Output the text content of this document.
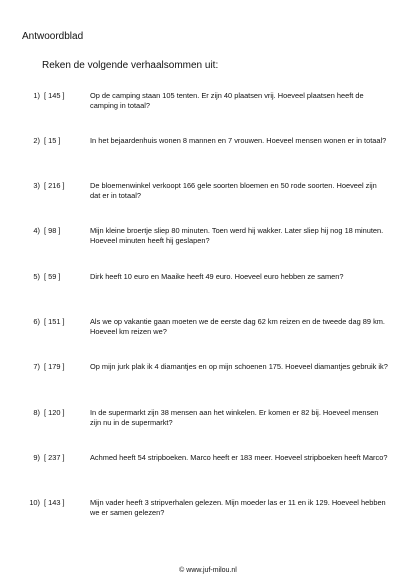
Antwoordblad
Reken de volgende verhaalsommen uit:
1) [ 145 ]	Op de camping staan 105 tenten. Er zijn 40 plaatsen vrij. Hoeveel plaatsen heeft de camping in totaal?
2) [ 15 ]	In het bejaardenhuis wonen 8 mannen en 7 vrouwen. Hoeveel mensen wonen er in totaal?
3) [ 216 ]	De bloemenwinkel verkoopt 166 gele soorten bloemen en 50 rode soorten. Hoeveel zijn dat er in totaal?
4) [ 98 ]	Mijn kleine broertje sliep 80 minuten. Toen werd hij wakker. Later sliep hij nog 18 minuten. Hoeveel minuten heeft hij geslapen?
5) [ 59 ]	Dirk heeft 10 euro en Maaike heeft 49 euro. Hoeveel euro hebben ze samen?
6) [ 151 ]	Als we op vakantie gaan moeten we de eerste dag 62 km reizen en de tweede dag 89 km. Hoeveel km reizen we?
7) [ 179 ]	Op mijn jurk plak ik 4 diamantjes en op mijn schoenen 175. Hoeveel diamantjes gebruik ik?
8) [ 120 ]	In de supermarkt zijn 38 mensen aan het winkelen. Er komen er 82 bij. Hoeveel mensen zijn nu in de supermarkt?
9) [ 237 ]	Achmed heeft 54 stripboeken. Marco heeft er 183 meer. Hoeveel stripboeken heeft Marco?
10) [ 143 ]	Mijn vader heeft 3 stripverhalen gelezen. Mijn moeder las er 11 en ik 129. Hoeveel hebben we er samen gelezen?
© www.juf-milou.nl
